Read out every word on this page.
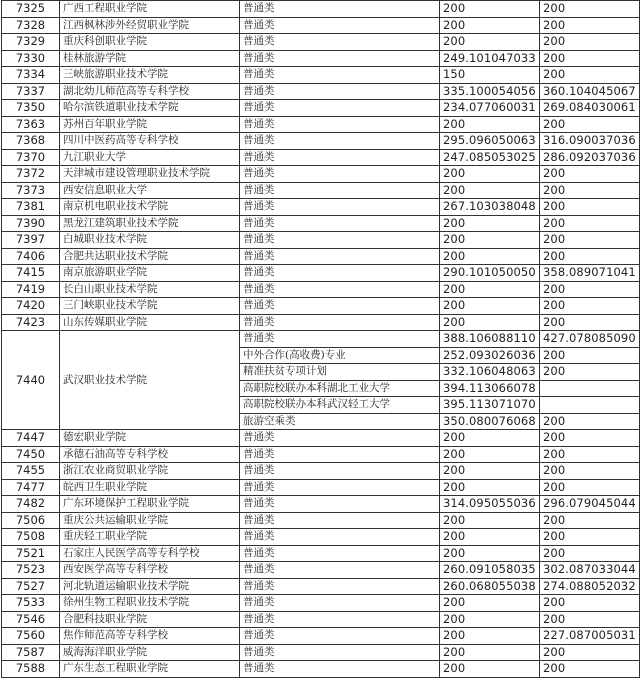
7325	广西工程职业学院	普通类	200	200
7328	江西枫林涉外经贸职业学院	普通类	200	200
7329	重庆科创职业学院	普通类	200	200
7330	桂林旅游学院	普通类	249.101047033	200
7334	三峡旅游职业技术学院	普通类	150	200
7337	湖北幼儿师范高等专科学校	普通类	335.100054056	360.104045067
7350	哈尔滨铁道职业技术学院	普通类	234.077060031	269.084030061
7363	苏州百年职业学院	普通类	200	200
7368	四川中医药高等专科学校	普通类	295.096050063	316.090037036
7370	九江职业大学	普通类	247.085053025	286.092037036
7372	天津城市建设管理职业技术学院	普通类	200	200
7373	西安信息职业大学	普通类	200	200
7381	南京机电职业技术学院	普通类	267.103038048	200
7390	黑龙江建筑职业技术学院	普通类	200	200
7397	白城职业技术学院	普通类	200	200
7406	合肥共达职业技术学院	普通类	200	200
7415	南京旅游职业学院	普通类	290.101050050	358.089071041
7419	长白山职业技术学院	普通类	200	200
7420	三门峡职业技术学院	普通类	200	200
7423	山东传媒职业学院	普通类	200	200
7440	武汉职业技术学院	普通类	388.106088110	427.078085090
		中外合作(高收费)专业	252.093026036	200
		精准扶贫专项计划	332.106048063	200
		高职院校联办本科湖北工业大学	394.113066078	
		高职院校联办本科武汉轻工大学	395.113071070	
		旅游空乘类	350.080076068	200
7447	德宏职业学院	普通类	200	200
7450	承德石油高等专科学校	普通类	200	200
7455	浙江农业商贸职业学院	普通类	200	200
7477	皖西卫生职业学院	普通类	200	200
7482	广东环境保护工程职业学院	普通类	314.095055036	296.079045044
7506	重庆公共运输职业学院	普通类	200	200
7508	重庆轻工职业学院	普通类	200	200
7521	石家庄人民医学高等专科学校	普通类	200	200
7523	西安医学高等专科学校	普通类	260.091058035	302.087033044
7527	河北轨道运输职业技术学院	普通类	260.068055038	274.088052032
7533	徐州生物工程职业技术学院	普通类	200	200
7546	合肥科技职业学院	普通类	200	200
7560	焦作师范高等专科学校	普通类	200	227.087005031
7587	威海海洋职业学院	普通类	200	200
7588	广东生态工程职业学院	普通类	200	200
